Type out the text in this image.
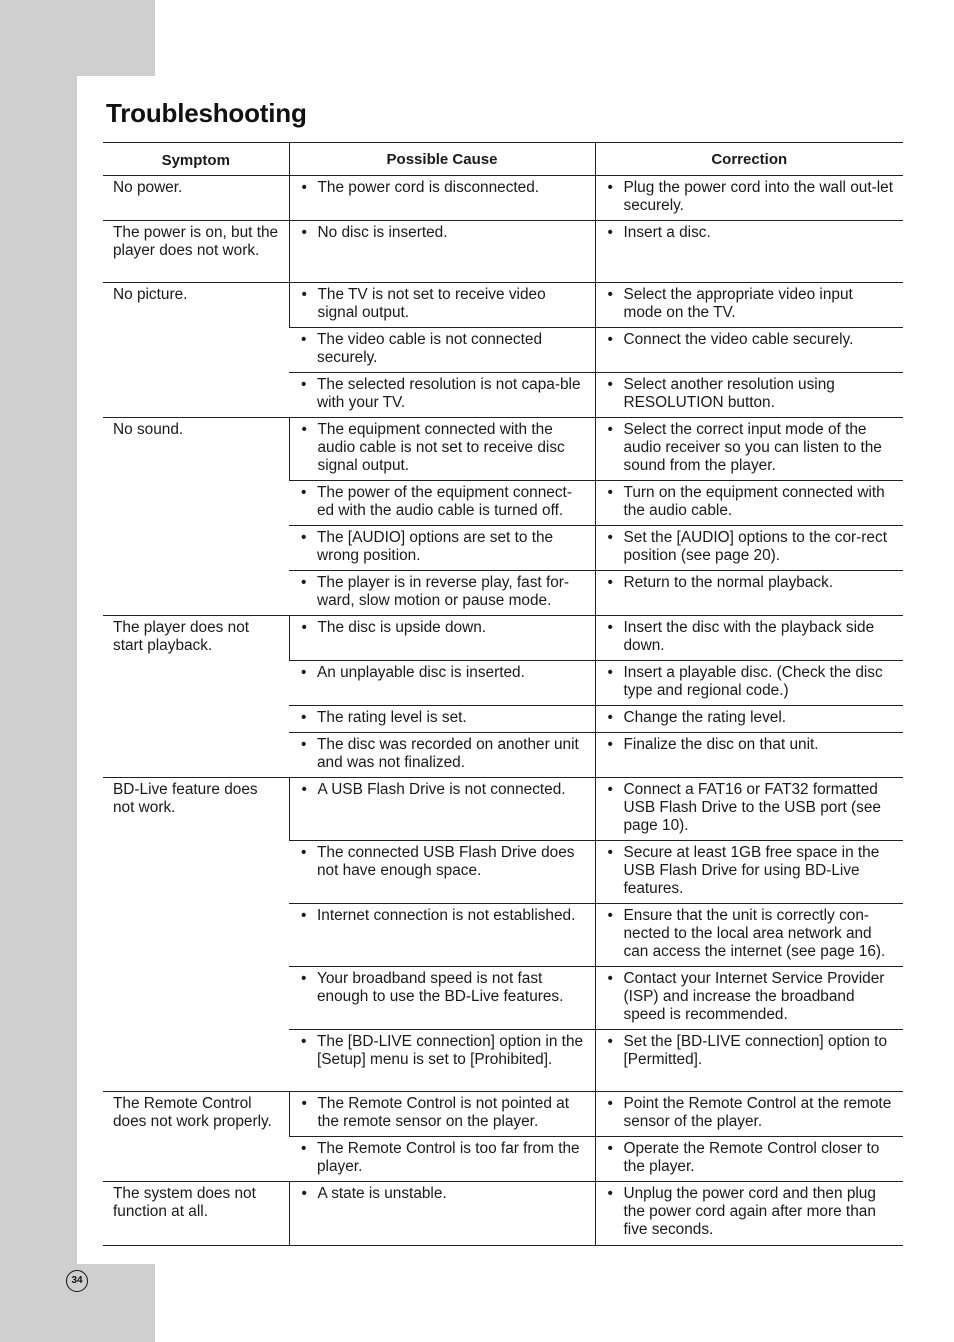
Troubleshooting
Symptom	Possible Cause	Correction
No power.	• The power cord is disconnected.	• Plug the power cord into the wall out-let securely.

The power is on, but the player does not work.	• No disc is inserted.	• Insert a disc.

No picture.	• The TV is not set to receive video signal output.	• Select the appropriate video input mode on the TV.

	• The video cable is not connected securely.	• Connect the video cable securely.

	• The selected resolution is not capa-ble with your TV.	• Select another resolution using RESOLUTION button.

No sound.	• The equipment connected with the audio cable is not set to receive disc signal output.	• Select the correct input mode of the audio receiver so you can listen to the sound from the player.

	• The power of the equipment connect-ed with the audio cable is turned off.	• Turn on the equipment connected with the audio cable.

	• The [AUDIO] options are set to the wrong position.	• Set the [AUDIO] options to the cor-rect position (see page 20).

	• The player is in reverse play, fast for-ward, slow motion or pause mode.	• Return to the normal playback.

The player does not start playback.	• The disc is upside down.	• Insert the disc with the playback side down.

	• An unplayable disc is inserted.	• Insert a playable disc. (Check the disc type and regional code.)

	• The rating level is set.	• Change the rating level.

	• The disc was recorded on another unit and was not finalized.	• Finalize the disc on that unit.

BD-Live feature does not work.	• A USB Flash Drive is not connected.	• Connect a FAT16 or FAT32 formatted USB Flash Drive to the USB port (see page 10).

	• The connected USB Flash Drive does not have enough space.	• Secure at least 1GB free space in the USB Flash Drive for using BD-Live features.

	• Internet connection is not established.	• Ensure that the unit is correctly con-nected to the local area network and can access the internet (see page 16).

	• Your broadband speed is not fast enough to use the BD-Live features.	• Contact your Internet Service Provider (ISP) and increase the broadband speed is recommended.

	• The [BD-LIVE connection] option in the [Setup] menu is set to [Prohibited].	• Set the [BD-LIVE connection] option to [Permitted].

The Remote Control does not work properly.	• The Remote Control is not pointed at the remote sensor on the player.	• Point the Remote Control at the remote sensor of the player.

	• The Remote Control is too far from the player.	• Operate the Remote Control closer to the player.

The system does not function at all.	• A state is unstable.	• Unplug the power cord and then plug the power cord again after more than five seconds.
34
